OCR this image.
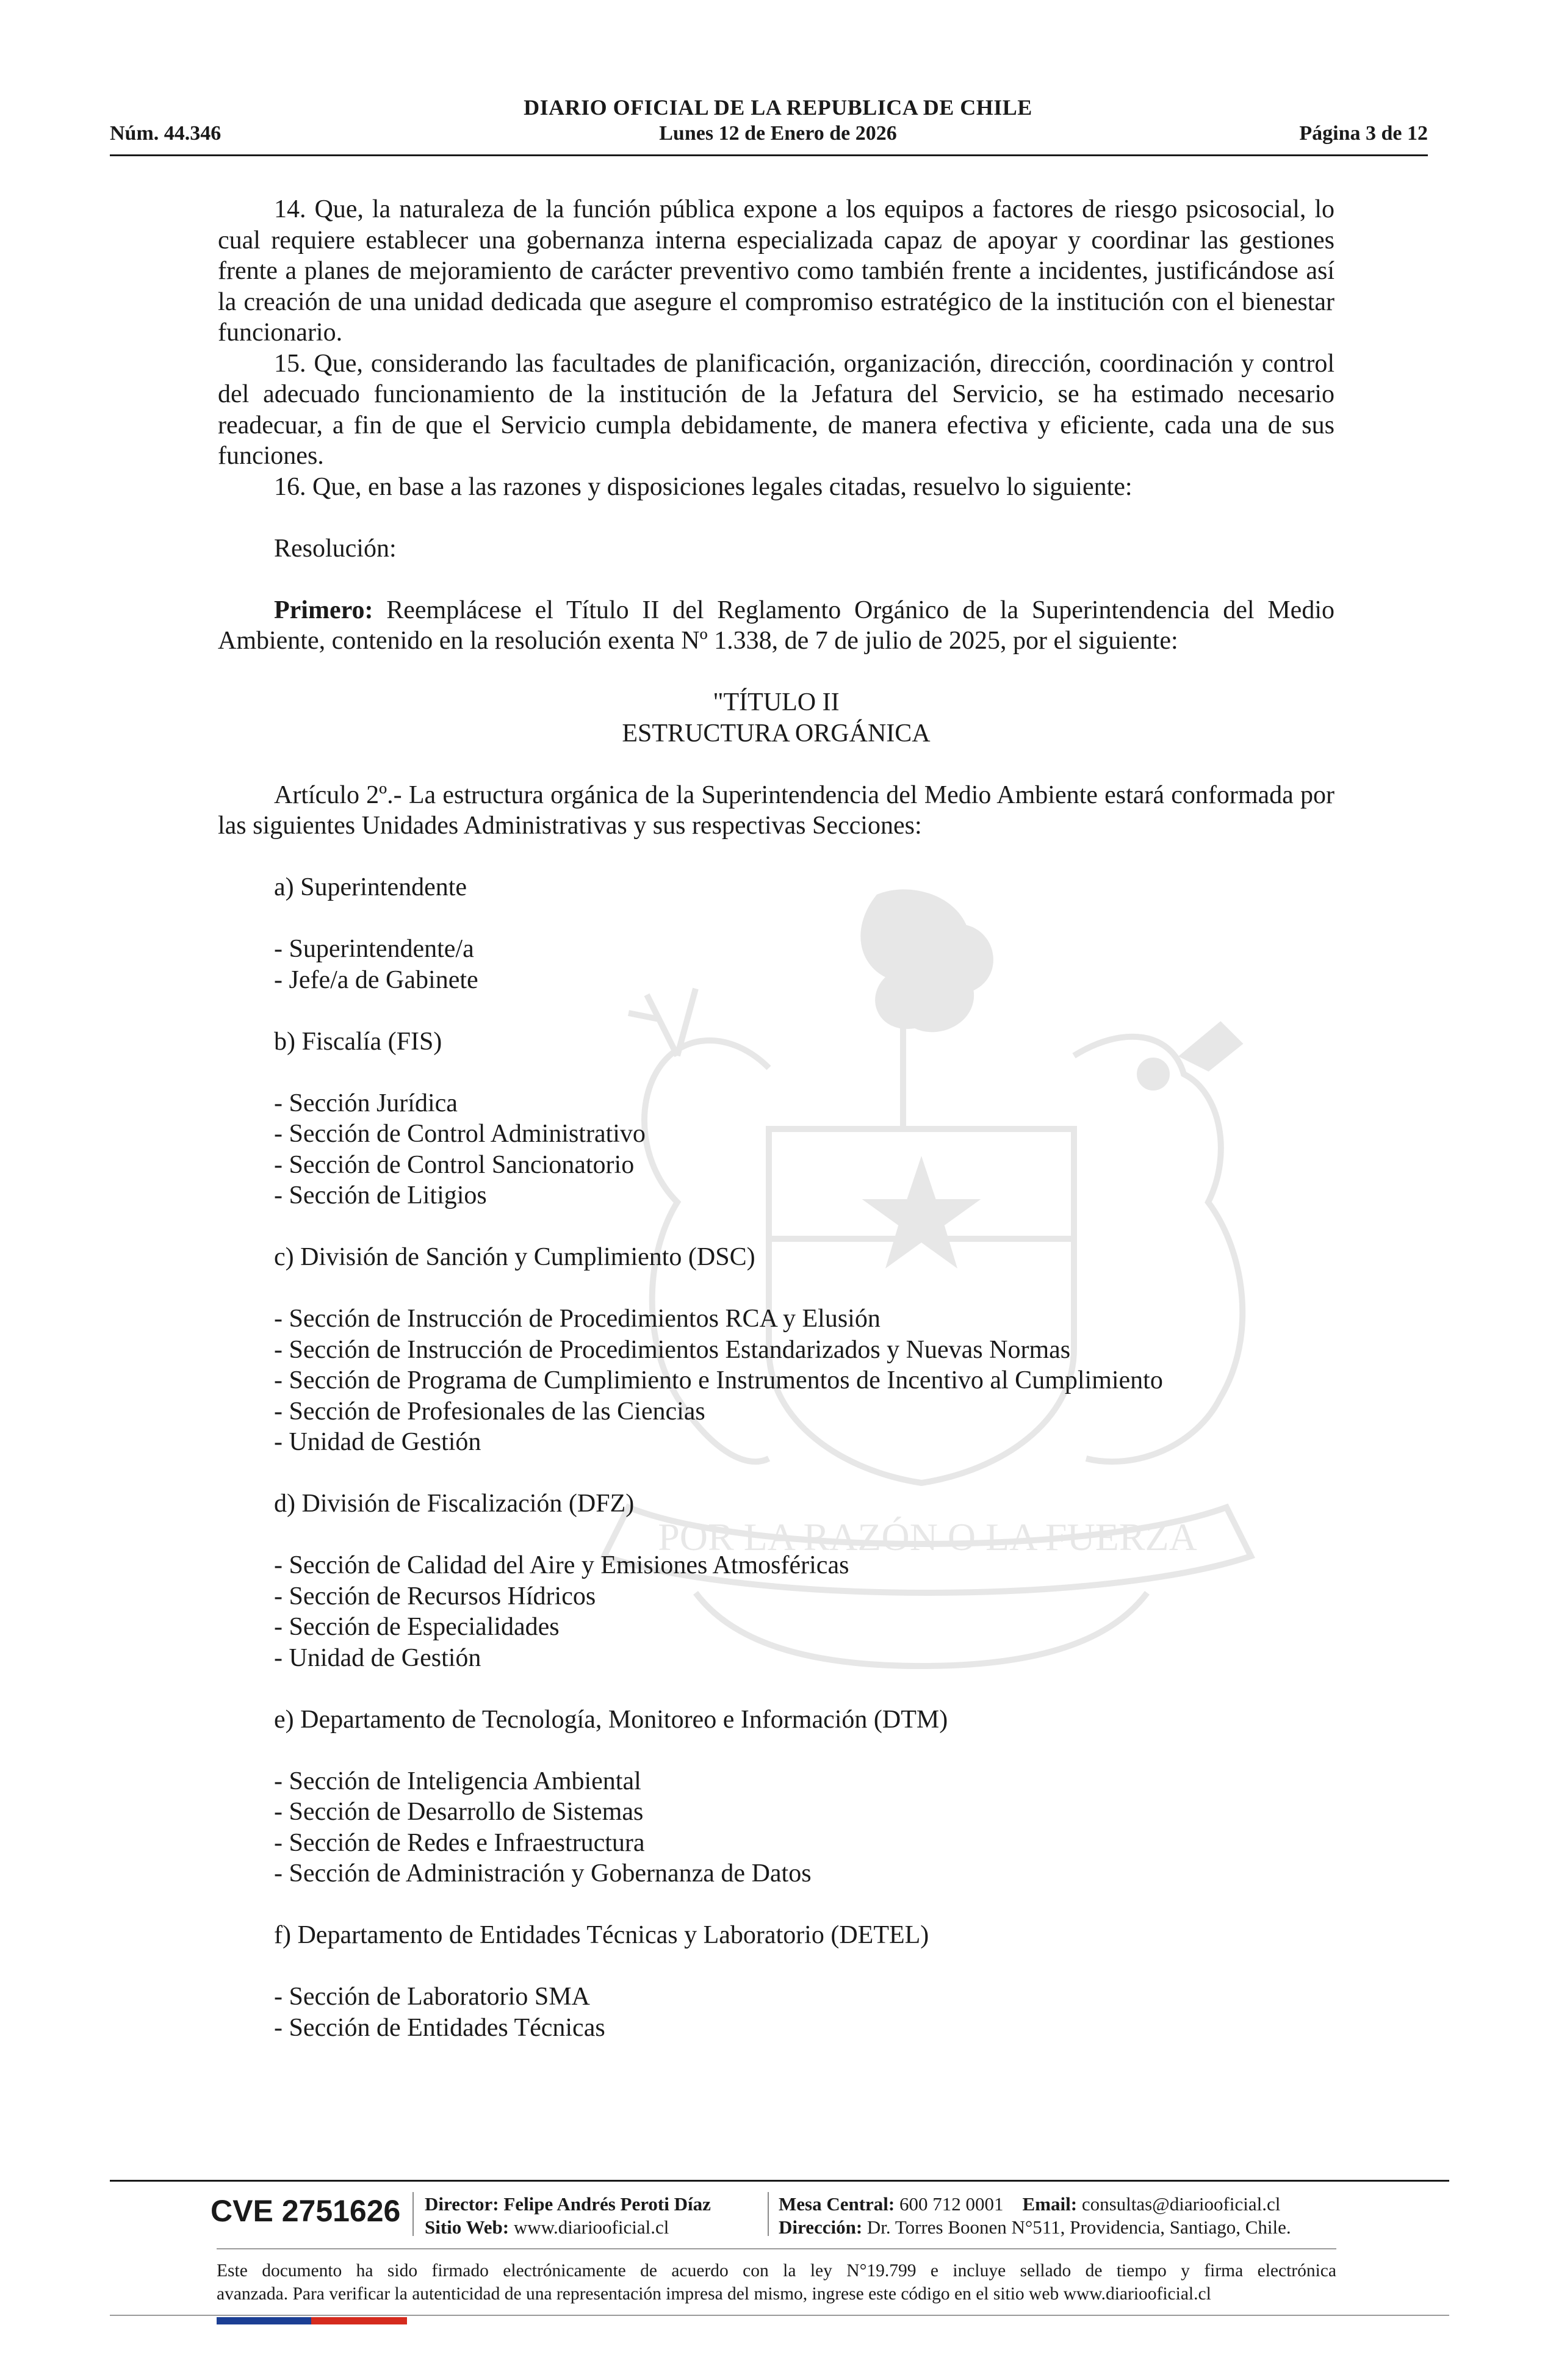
POR LA RAZÓN O LA FUERZA
DIARIO OFICIAL DE LA REPUBLICA DE CHILE
Núm. 44.346	Lunes 12 de Enero de 2026	Página 3 de 12

14. Que, la naturaleza de la función pública expone a los equipos a factores de riesgo psicosocial, lo cual requiere establecer una gobernanza interna especializada capaz de apoyar y coordinar las gestiones frente a planes de mejoramiento de carácter preventivo como también frente a incidentes, justificándose así la creación de una unidad dedicada que asegure el compromiso estratégico de la institución con el bienestar funcionario.

15. Que, considerando las facultades de planificación, organización, dirección, coordinación y control del adecuado funcionamiento de la institución de la Jefatura del Servicio, se ha estimado necesario readecuar, a fin de que el Servicio cumpla debidamente, de manera efectiva y eficiente, cada una de sus funciones.

16. Que, en base a las razones y disposiciones legales citadas, resuelvo lo siguiente:

Resolución:

Primero: Reemplácese el Título II del Reglamento Orgánico de la Superintendencia del Medio Ambiente, contenido en la resolución exenta Nº 1.338, de 7 de julio de 2025, por el siguiente:

"TÍTULO II

ESTRUCTURA ORGÁNICA

Artículo 2º.- La estructura orgánica de la Superintendencia del Medio Ambiente estará conformada por las siguientes Unidades Administrativas y sus respectivas Secciones:

a) Superintendente

- Superintendente/a

- Jefe/a de Gabinete

b) Fiscalía (FIS)

- Sección Jurídica

- Sección de Control Administrativo

- Sección de Control Sancionatorio

- Sección de Litigios

c) División de Sanción y Cumplimiento (DSC)

- Sección de Instrucción de Procedimientos RCA y Elusión

- Sección de Instrucción de Procedimientos Estandarizados y Nuevas Normas

- Sección de Programa de Cumplimiento e Instrumentos de Incentivo al Cumplimiento

- Sección de Profesionales de las Ciencias

- Unidad de Gestión

d) División de Fiscalización (DFZ)

- Sección de Calidad del Aire y Emisiones Atmosféricas

- Sección de Recursos Hídricos

- Sección de Especialidades

- Unidad de Gestión

e) Departamento de Tecnología, Monitoreo e Información (DTM)

- Sección de Inteligencia Ambiental

- Sección de Desarrollo de Sistemas

- Sección de Redes e Infraestructura

- Sección de Administración y Gobernanza de Datos

f) Departamento de Entidades Técnicas y Laboratorio (DETEL)

- Sección de Laboratorio SMA

- Sección de Entidades Técnicas

CVE 2751626 Director: Felipe Andrés Peroti Díaz
Sitio Web: www.diariooficial.cl
Mesa Central: 600 712 0001 Email: consultas@diariooficial.cl
Dirección: Dr. Torres Boonen N°511, Providencia, Santiago, Chile.
Este documento ha sido firmado electrónicamente de acuerdo con la ley N°19.799 e incluye sellado de tiempo y firma electrónica
avanzada. Para verificar la autenticidad de una representación impresa del mismo, ingrese este código en el sitio web www.diariooficial.cl
